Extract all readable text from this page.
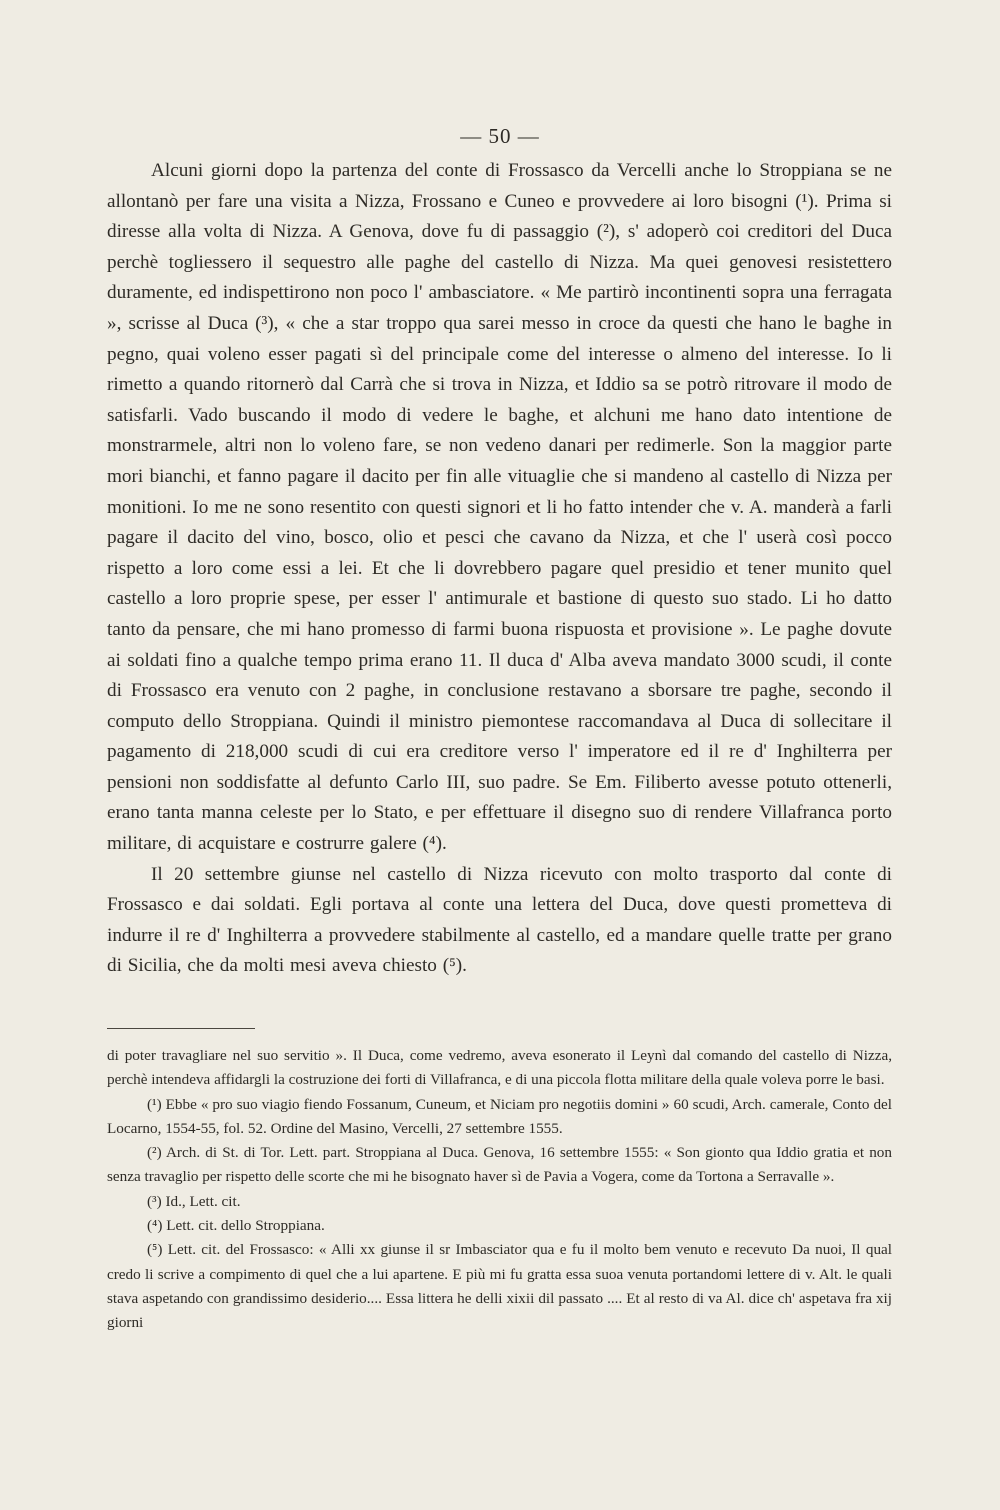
— 50 —

Alcuni giorni dopo la partenza del conte di Frossasco da Vercelli anche lo Stroppiana se ne allontanò per fare una visita a Nizza, Frossano e Cuneo e provvedere ai loro bisogni (¹). Prima si diresse alla volta di Nizza. A Genova, dove fu di passaggio (²), s' adoperò coi creditori del Duca perchè togliessero il sequestro alle paghe del castello di Nizza. Ma quei genovesi resistettero duramente, ed indispettirono non poco l' ambasciatore. « Me partirò incontinenti sopra una ferragata », scrisse al Duca (³), « che a star troppo qua sarei messo in croce da questi che hano le baghe in pegno, quai voleno esser pagati sì del principale come del interesse o almeno del interesse. Io li rimetto a quando ritornerò dal Carrà che si trova in Nizza, et Iddio sa se potrò ritrovare il modo de satisfarli. Vado buscando il modo di vedere le baghe, et alchuni me hano dato intentione de monstrarmele, altri non lo voleno fare, se non vedeno danari per redimerle. Son la maggior parte mori bianchi, et fanno pagare il dacito per fin alle vituaglie che si mandeno al castello di Nizza per monitioni. Io me ne sono resentito con questi signori et li ho fatto intender che v. A. manderà a farli pagare il dacito del vino, bosco, olio et pesci che cavano da Nizza, et che l' userà così pocco rispetto a loro come essi a lei. Et che li dovrebbero pagare quel presidio et tener munito quel castello a loro proprie spese, per esser l' antimurale et bastione di questo suo stado. Li ho datto tanto da pensare, che mi hano promesso di farmi buona rispuosta et provisione ». Le paghe dovute ai soldati fino a qualche tempo prima erano 11. Il duca d' Alba aveva mandato 3000 scudi, il conte di Frossasco era venuto con 2 paghe, in conclusione restavano a sborsare tre paghe, secondo il computo dello Stroppiana. Quindi il ministro piemontese raccomandava al Duca di sollecitare il pagamento di 218,000 scudi di cui era creditore verso l' imperatore ed il re d' Inghilterra per pensioni non soddisfatte al defunto Carlo III, suo padre. Se Em. Filiberto avesse potuto ottenerli, erano tanta manna celeste per lo Stato, e per effettuare il disegno suo di rendere Villafranca porto militare, di acquistare e costrurre galere (⁴).

Il 20 settembre giunse nel castello di Nizza ricevuto con molto trasporto dal conte di Frossasco e dai soldati. Egli portava al conte una lettera del Duca, dove questi prometteva di indurre il re d' Inghilterra a provvedere stabilmente al castello, ed a mandare quelle tratte per grano di Sicilia, che da molti mesi aveva chiesto (⁵).

di poter travagliare nel suo servitio ». Il Duca, come vedremo, aveva esonerato il Leynì dal comando del castello di Nizza, perchè intendeva affidargli la costruzione dei forti di Villafranca, e di una piccola flotta militare della quale voleva porre le basi.

(¹) Ebbe « pro suo viagio fiendo Fossanum, Cuneum, et Niciam pro negotiis domini » 60 scudi, Arch. camerale, Conto del Locarno, 1554-55, fol. 52. Ordine del Masino, Vercelli, 27 settembre 1555.

(²) Arch. di St. di Tor. Lett. part. Stroppiana al Duca. Genova, 16 settembre 1555: « Son gionto qua Iddio gratia et non senza travaglio per rispetto delle scorte che mi he bisognato haver sì de Pavia a Vogera, come da Tortona a Serravalle ».

(³) Id., Lett. cit.

(⁴) Lett. cit. dello Stroppiana.

(⁵) Lett. cit. del Frossasco: « Alli xx giunse il sr Imbasciator qua e fu il molto bem venuto e recevuto Da nuoi, Il qual credo li scrive a compimento di quel che a lui apartene. E più mi fu gratta essa suoa venuta portandomi lettere di v. Alt. le quali stava aspetando con grandissimo desiderio.... Essa littera he delli xixii dil passato .... Et al resto di va Al. dice ch' aspetava fra xij giorni
